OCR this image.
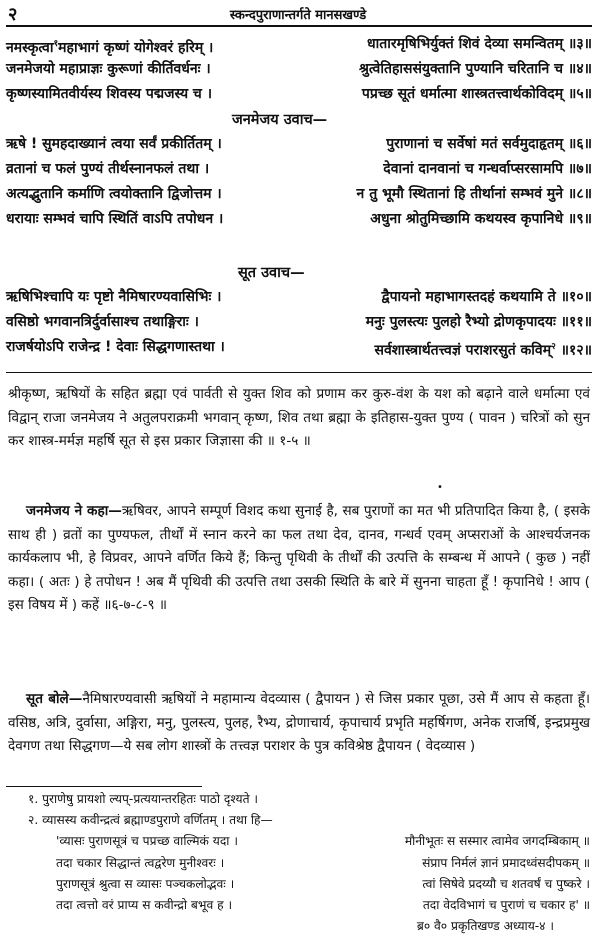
२	स्कन्दपुराणान्तर्गते मानसखण्डे
नमस्कृत्वा$^१$महाभागं कृष्णं योगेश्वरं हरिम् ।	धातारमृषिभिर्युक्तं शिवं देव्या समन्वितम् ॥३॥
जनमेजयो महाप्राज्ञः कुरूणां कीर्तिवर्धनः ।	श्रुत्वेतिहाससंयुक्तानि पुण्यानि चरितानि च ॥४॥
कृष्णस्यामितवीर्यस्य शिवस्य पद्मजस्य च ।	पप्रच्छ सूतं धर्मात्मा शास्त्रतत्त्वार्थकोविदम् ॥५॥
जनमेजय उवाच—
ऋषे ! सुमहदाख्यानं त्वया सर्वं प्रकीर्तितम् ।	पुराणानां च सर्वेषां मतं सर्वमुदाहृतम् ॥६॥
व्रतानां च फलं पुण्यं तीर्थस्नानफलं तथा ।	देवानां दानवानां च गन्धर्वाप्सरसामपि ॥७॥
अत्यद्भुतानि कर्माणि त्वयोक्तानि द्विजोत्तम ।	न तु भूमौ स्थितानां हि तीर्थानां सम्भवं मुने ॥८॥
धरायाः सम्भवं चापि स्थितिं वाऽपि तपोधन ।	अधुना श्रोतुमिच्छामि कथयस्व कृपानिधे ॥९॥
सूत उवाच—
ऋषिभिश्चापि यः पृष्टो नैमिषारण्यवासिभिः ।	द्वैपायनो महाभागस्तदहं कथयामि ते ॥१०॥
वसिष्ठो भगवानत्रिर्दुर्वासाश्च तथाङ्गिराः ।	मनुः पुलस्त्यः पुलहो रैभ्यो द्रोणकृपादयः ॥११॥
राजर्षयोऽपि राजेन्द्र ! देवाः सिद्धगणास्तथा ।	सर्वशास्त्रार्थतत्त्वज्ञं पराशरसुतं कविम्$^२$ ॥१२॥

श्रीकृष्ण, ऋषियों के सहित ब्रह्मा एवं पार्वती से युक्त शिव को प्रणाम कर कुरु-वंश के यश को बढ़ाने वाले धर्मात्मा एवं विद्वान् राजा जनमेजय ने अतुलपराक्रमी भगवान् कृष्ण, शिव तथा ब्रह्मा के इतिहास-युक्त पुण्य ( पावन ) चरित्रों को सुन कर शास्त्र-मर्मज्ञ महर्षि सूत से इस प्रकार जिज्ञासा की ॥ १-५ ॥

•

जनमेजय ने कहा—ऋषिवर, आपने सम्पूर्ण विशद कथा सुनाई है, सब पुराणों का मत भी प्रतिपादित किया है, ( इसके साथ ही ) व्रतों का पुण्यफल, तीर्थों में स्नान करने का फल तथा देव, दानव, गन्धर्व एवम् अप्सराओं के आश्चर्यजनक कार्यकलाप भी, हे विप्रवर, आपने वर्णित किये हैं; किन्तु पृथिवी के तीर्थों की उत्पत्ति के सम्बन्ध में आपने ( कुछ ) नहीं कहा। ( अतः ) हे तपोधन ! अब मैं पृथिवी की उत्पत्ति तथा उसकी स्थिति के बारे में सुनना चाहता हूँ ! कृपानिधे ! आप ( इस विषय में ) कहें ॥६-७-८-९ ॥

सूत बोले—नैमिषारण्यवासी ऋषियों ने महामान्य वेदव्यास ( द्वैपायन ) से जिस प्रकार पूछा, उसे मैं आप से कहता हूँ। वसिष्ठ, अत्रि, दुर्वासा, अङ्गिरा, मनु, पुलस्त्य, पुलह, रैभ्य, द्रोणाचार्य, कृपाचार्य प्रभृति महर्षिगण, अनेक राजर्षि, इन्द्रप्रमुख देवगण तथा सिद्धगण—ये सब लोग शास्त्रों के तत्त्वज्ञ पराशर के पुत्र कविश्रेष्ठ द्वैपायन ( वेदव्यास )

१. पुराणेषु प्रायशो ल्यप्-प्रत्ययान्तरहितः पाठो दृश्यते ।
२. व्यासस्य कवीन्द्रत्वं ब्रह्माण्डपुराणे वर्णितम् । तथा हि—
'व्यासः पुराणसूत्रं च पप्रच्छ वाल्मिकं यदा ।	मौनीभूतः स सस्मार त्वामेव जगदम्बिकाम् ॥
तदा चकार सिद्धान्तं त्वद्वरेण मुनीश्वरः ।	संप्राप निर्मलं ज्ञानं प्रमादध्वंसदीपकम् ॥
पुराणसूत्रं श्रुत्वा स व्यासः पञ्चकलोद्भवः ।	त्वां सिषेवे प्रदय्यौ च शतवर्षं च पुष्करे ।
तदा त्वत्तो वरं प्राप्य स कवीन्द्रो बभूव ह ।	तदा वेदविभागं च पुराणं च चकार ह' ॥
ब्र० वै० प्रकृतिखण्ड अध्याय-४ ।
